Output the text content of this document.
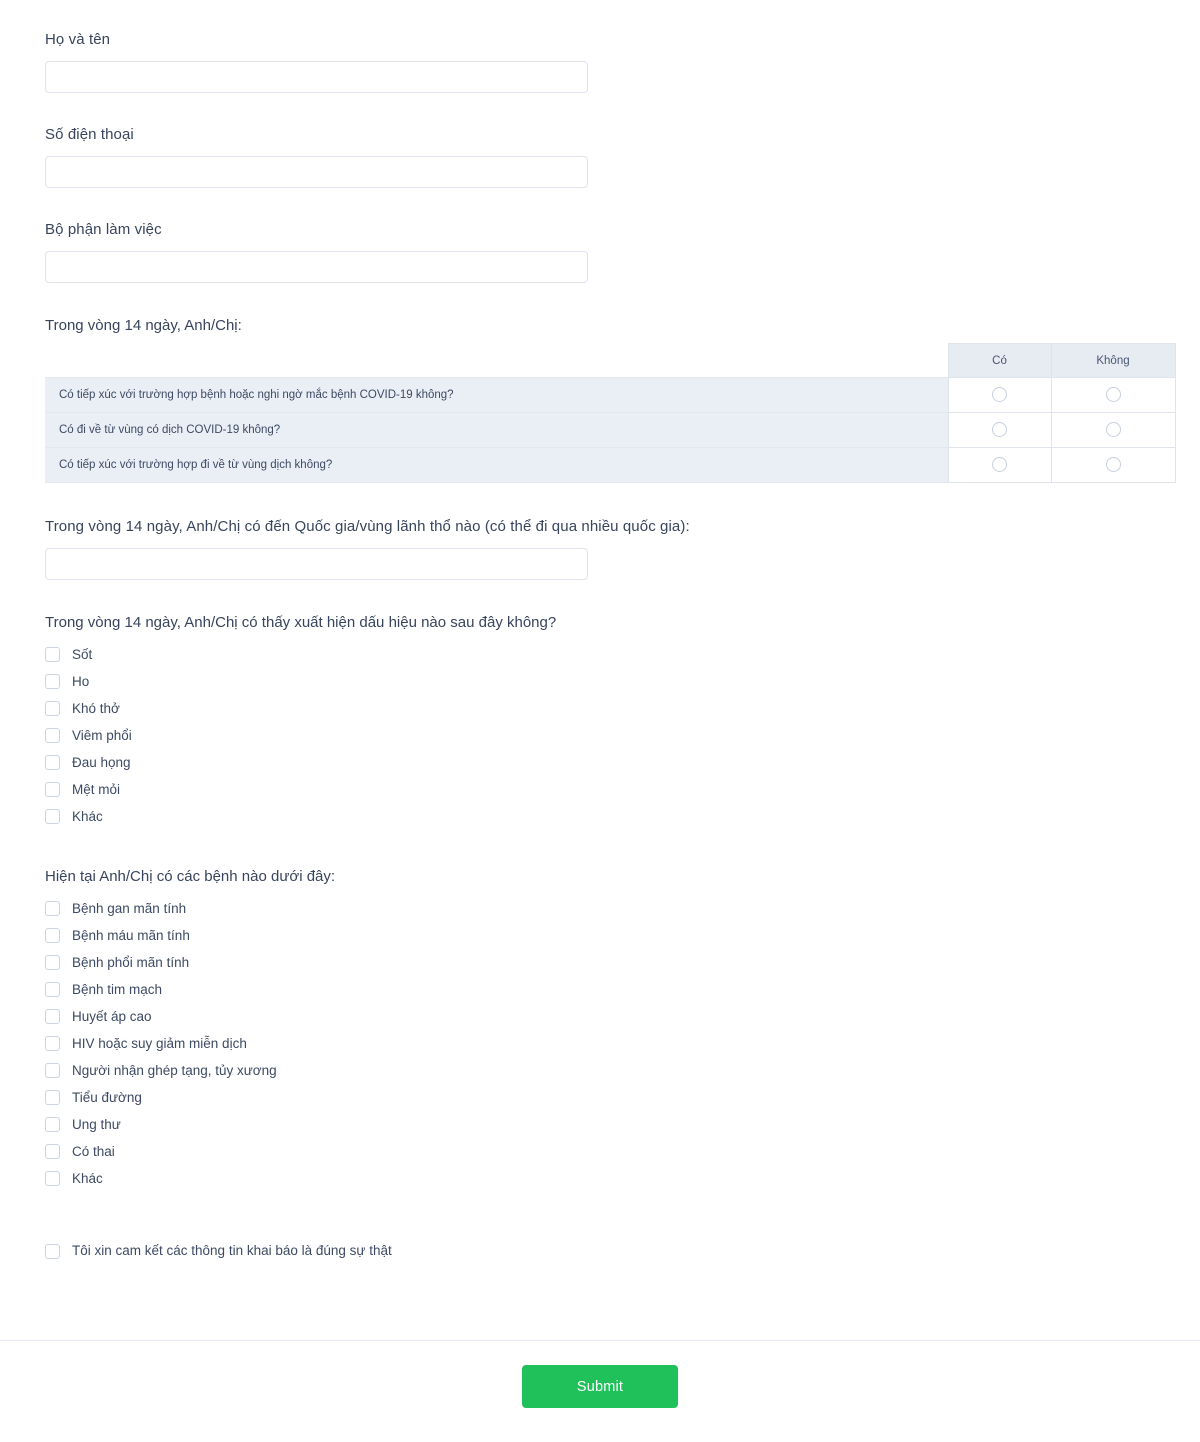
Họ và tên
Số điện thoại
Bộ phận làm việc
Trong vòng 14 ngày, Anh/Chị:
	Có	Không
Có tiếp xúc với trường hợp bệnh hoặc nghi ngờ mắc bệnh COVID-19 không?		
Có đi về từ vùng có dịch COVID-19 không?		
Có tiếp xúc với trường hợp đi về từ vùng dịch không?		
Trong vòng 14 ngày, Anh/Chị có đến Quốc gia/vùng lãnh thổ nào (có thể đi qua nhiều quốc gia):
Trong vòng 14 ngày, Anh/Chị có thấy xuất hiện dấu hiệu nào sau đây không?
Sốt
Ho
Khó thở
Viêm phổi
Đau họng
Mệt mỏi
Khác
Hiện tại Anh/Chị có các bệnh nào dưới đây:
Bệnh gan mãn tính
Bệnh máu mãn tính
Bệnh phổi mãn tính
Bệnh tim mạch
Huyết áp cao
HIV hoặc suy giảm miễn dịch
Người nhận ghép tạng, tủy xương
Tiểu đường
Ung thư
Có thai
Khác
Tôi xin cam kết các thông tin khai báo là đúng sự thật
Submit
